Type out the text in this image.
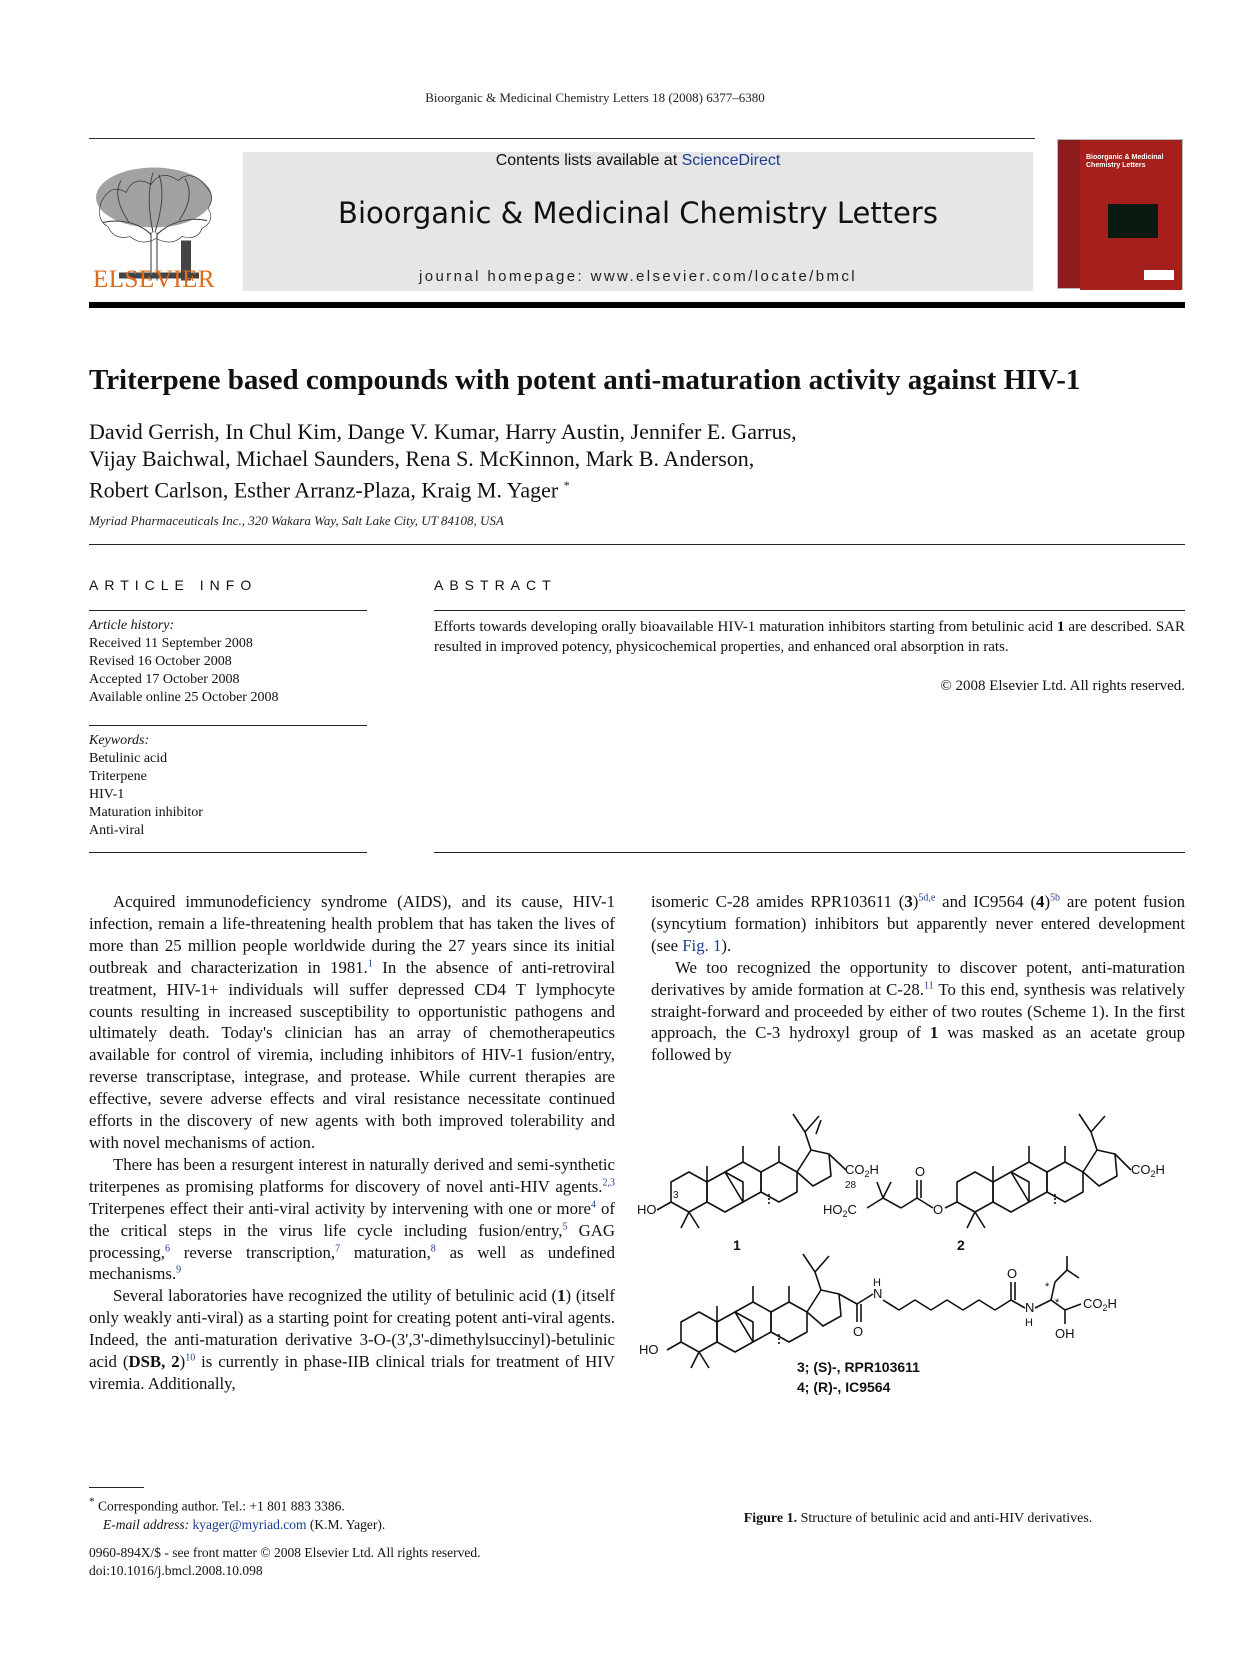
Bioorganic & Medicinal Chemistry Letters 18 (2008) 6377–6380
ELSEVIER
Contents lists available at ScienceDirect
Bioorganic & Medicinal Chemistry Letters
journal homepage: www.elsevier.com/locate/bmcl
Bioorganic & Medicinal Chemistry Letters
Triterpene based compounds with potent anti-maturation activity against HIV-1
David Gerrish, In Chul Kim, Dange V. Kumar, Harry Austin, Jennifer E. Garrus,
Vijay Baichwal, Michael Saunders, Rena S. McKinnon, Mark B. Anderson,
Robert Carlson, Esther Arranz-Plaza, Kraig M. Yager *
Myriad Pharmaceuticals Inc., 320 Wakara Way, Salt Lake City, UT 84108, USA
ARTICLE INFO
Article history:
Received 11 September 2008
Revised 16 October 2008
Accepted 17 October 2008
Available online 25 October 2008
Keywords:
Betulinic acid
Triterpene
HIV-1
Maturation inhibitor
Anti-viral
ABSTRACT
Efforts towards developing orally bioavailable HIV-1 maturation inhibitors starting from betulinic acid 1 are described. SAR resulted in improved potency, physicochemical properties, and enhanced oral absorption in rats.
© 2008 Elsevier Ltd. All rights reserved.

Acquired immunodeficiency syndrome (AIDS), and its cause, HIV-1 infection, remain a life-threatening health problem that has taken the lives of more than 25 million people worldwide during the 27 years since its initial outbreak and characterization in 1981.$^1$ In the absence of anti-retroviral treatment, HIV-1+ individuals will suffer depressed CD4 T lymphocyte counts resulting in increased susceptibility to opportunistic pathogens and ultimately death. Today's clinician has an array of chemotherapeutics available for control of viremia, including inhibitors of HIV-1 fusion/entry, reverse transcriptase, integrase, and protease. While current therapies are effective, severe adverse effects and viral resistance necessitate continued efforts in the discovery of new agents with both improved tolerability and with novel mechanisms of action.

There has been a resurgent interest in naturally derived and semi-synthetic triterpenes as promising platforms for discovery of novel anti-HIV agents.$^{2,3}$ Triterpenes effect their anti-viral activity by intervening with one or more$^4$ of the critical steps in the virus life cycle including fusion/entry,$^5$ GAG processing,$^6$ reverse transcription,$^7$ maturation,$^8$ as well as undefined mechanisms.$^9$

Several laboratories have recognized the utility of betulinic acid (1) (itself only weakly anti-viral) as a starting point for creating potent anti-viral agents. Indeed, the anti-maturation derivative 3-O-(3',3'-dimethylsuccinyl)-betulinic acid (DSB, 2)$^{10}$ is currently in phase-IIB clinical trials for treatment of HIV viremia. Additionally,

isomeric C-28 amides RPR103611 $(3)^{5d,e}$ and IC9564 $(4)^{5b}$ are potent fusion (syncytium formation) inhibitors but apparently never entered development (see Fig. 1).

We too recognized the opportunity to discover potent, anti-maturation derivatives by amide formation at C-28.11 To this end, synthesis was relatively straight-forward and proceeded by either of two routes (Scheme 1). In the first approach, the C-3 hydroxyl group of 1 was masked as an acetate group followed by

HO
3
$CO_2H$
28
1
$CO_2H$
O
O
$HO_2C$
2
HO
O
N
H
O
N
H
*
*
OH
$CO_2H$
3; (S)-, RPR103611
4; (R)-, IC9564
Figure 1. Structure of betulinic acid and anti-HIV derivatives.
* Corresponding author. Tel.: +1 801 883 3386.
E-mail address: kyager@myriad.com (K.M. Yager).
0960-894X/$ - see front matter © 2008 Elsevier Ltd. All rights reserved.
doi:10.1016/j.bmcl.2008.10.098
